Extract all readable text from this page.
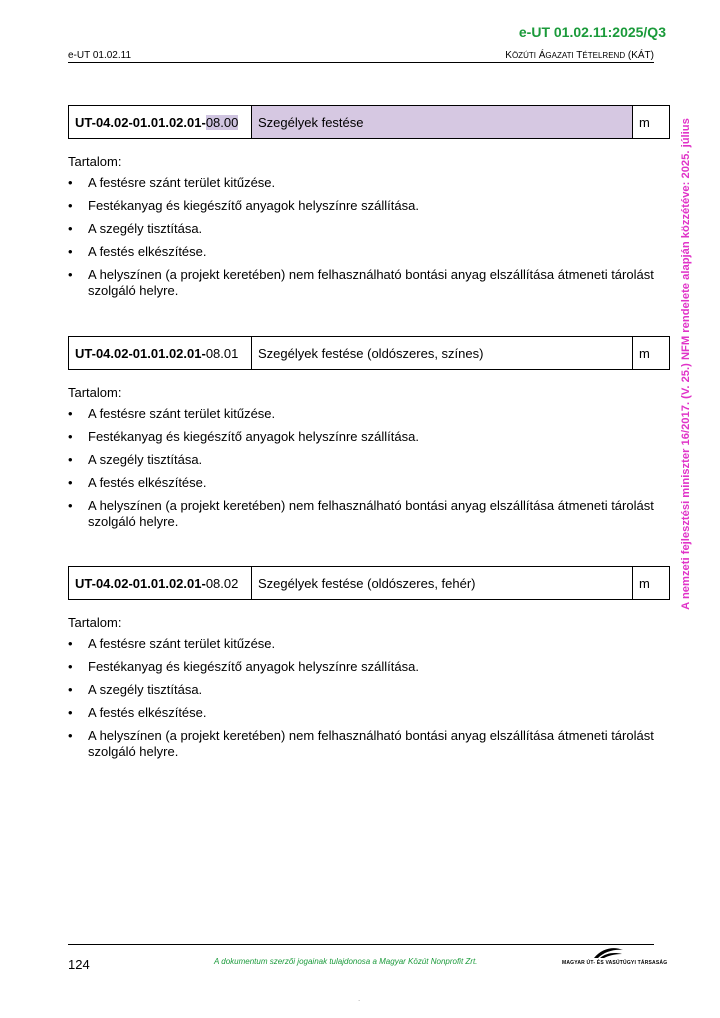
e-UT 01.02.11:2025/Q3
e-UT 01.02.11	KÖZÚTI ÁGAZATI TÉTELREND (KÁT)
A nemzeti fejlesztési miniszter 16/2017. (V. 25.) NFM rendelete alapján közzétéve: 2025. július
UT-04.02-01.01.02.01-08.00	Szegélyek festése	m
Tartalom:
• A festésre szánt terület kitűzése.
• Festékanyag és kiegészítő anyagok helyszínre szállítása.
• A szegély tisztítása.
• A festés elkészítése.
• A helyszínen (a projekt keretében) nem felhasználható bontási anyag elszállítása átmeneti tárolást szolgáló helyre.
UT-04.02-01.01.02.01-08.01	Szegélyek festése (oldószeres, színes)	m
Tartalom:
• A festésre szánt terület kitűzése.
• Festékanyag és kiegészítő anyagok helyszínre szállítása.
• A szegély tisztítása.
• A festés elkészítése.
• A helyszínen (a projekt keretében) nem felhasználható bontási anyag elszállítása átmeneti tárolást szolgáló helyre.
UT-04.02-01.01.02.01-08.02	Szegélyek festése (oldószeres, fehér)	m
Tartalom:
• A festésre szánt terület kitűzése.
• Festékanyag és kiegészítő anyagok helyszínre szállítása.
• A szegély tisztítása.
• A festés elkészítése.
• A helyszínen (a projekt keretében) nem felhasználható bontási anyag elszállítása átmeneti tárolást szolgáló helyre.
124	A dokumentum szerzői jogainak tulajdonosa a Magyar Közút Nonprofit Zrt.	MAGYAR ÚT- ÉS VASÚTÜGYI TÁRSASÁG
.
